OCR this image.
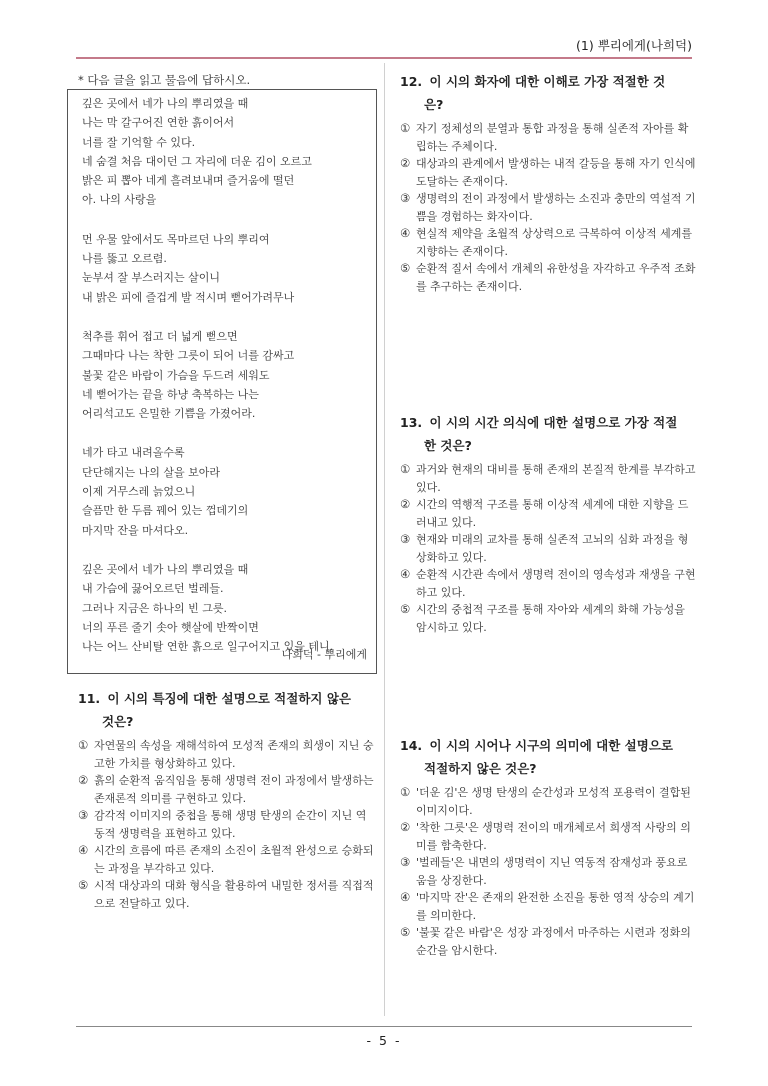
(1) 뿌리에게(나희덕)
* 다음 글을 읽고 물음에 답하시오.
깊은 곳에서 네가 나의 뿌리였을 때
나는 막 갈구어진 연한 흙이어서
너를 잘 기억할 수 있다.
네 숨결 처음 대이던 그 자리에 더운 김이 오르고
밝은 피 뽑아 네게 흘려보내며 즐거움에 떨던
아. 나의 사랑을
먼 우물 앞에서도 목마르던 나의 뿌리여
나를 뚫고 오르렴.
눈부셔 잘 부스러지는 살이니
내 밝은 피에 즐겁게 발 적시며 뻗어가려무나
척추를 휘어 접고 더 넓게 뻗으면
그때마다 나는 착한 그릇이 되어 너를 감싸고
불꽃 같은 바람이 가슴을 두드려 세워도
네 뻗어가는 끝을 하냥 축복하는 나는
어리석고도 은밀한 기쁨을 가졌어라.
네가 타고 내려올수록
단단해지는 나의 살을 보아라
이제 거무스레 늙었으니
슬픔만 한 두름 꿰어 있는 껍데기의
마지막 잔을 마셔다오.
깊은 곳에서 네가 나의 뿌리였을 때
내 가슴에 끓어오르던 벌레들.
그러나 지금은 하나의 빈 그릇.
너의 푸른 줄기 솟아 햇살에 반짝이면
나는 어느 산비탈 연한 흙으로 일구어지고 있을 테니.
나희덕 - 뿌리에게
11. 이 시의 특징에 대한 설명으로 적절하지 않은
것은?
① 자연물의 속성을 재해석하여 모성적 존재의 희생이 지닌 숭고한 가치를 형상화하고 있다.
② 흙의 순환적 움직임을 통해 생명력 전이 과정에서 발생하는 존재론적 의미를 구현하고 있다.
③ 감각적 이미지의 중첩을 통해 생명 탄생의 순간이 지닌 역동적 생명력을 표현하고 있다.
④ 시간의 흐름에 따른 존재의 소진이 초월적 완성으로 승화되는 과정을 부각하고 있다.
⑤ 시적 대상과의 대화 형식을 활용하여 내밀한 정서를 직접적으로 전달하고 있다.
12. 이 시의 화자에 대한 이해로 가장 적절한 것
은?
① 자기 정체성의 분열과 통합 과정을 통해 실존적 자아를 확립하는 주체이다.
② 대상과의 관계에서 발생하는 내적 갈등을 통해 자기 인식에 도달하는 존재이다.
③ 생명력의 전이 과정에서 발생하는 소진과 충만의 역설적 기쁨을 경험하는 화자이다.
④ 현실적 제약을 초월적 상상력으로 극복하여 이상적 세계를 지향하는 존재이다.
⑤ 순환적 질서 속에서 개체의 유한성을 자각하고 우주적 조화를 추구하는 존재이다.
13. 이 시의 시간 의식에 대한 설명으로 가장 적절
한 것은?
① 과거와 현재의 대비를 통해 존재의 본질적 한계를 부각하고 있다.
② 시간의 역행적 구조를 통해 이상적 세계에 대한 지향을 드러내고 있다.
③ 현재와 미래의 교차를 통해 실존적 고뇌의 심화 과정을 형상화하고 있다.
④ 순환적 시간관 속에서 생명력 전이의 영속성과 재생을 구현하고 있다.
⑤ 시간의 중첩적 구조를 통해 자아와 세계의 화해 가능성을 암시하고 있다.
14. 이 시의 시어나 시구의 의미에 대한 설명으로
적절하지 않은 것은?
① '더운 김'은 생명 탄생의 순간성과 모성적 포용력이 결합된 이미지이다.
② '착한 그릇'은 생명력 전이의 매개체로서 희생적 사랑의 의미를 함축한다.
③ '벌레들'은 내면의 생명력이 지닌 역동적 잠재성과 풍요로움을 상징한다.
④ '마지막 잔'은 존재의 완전한 소진을 통한 영적 상승의 계기를 의미한다.
⑤ '불꽃 같은 바람'은 성장 과정에서 마주하는 시련과 정화의 순간을 암시한다.
- 5 -
